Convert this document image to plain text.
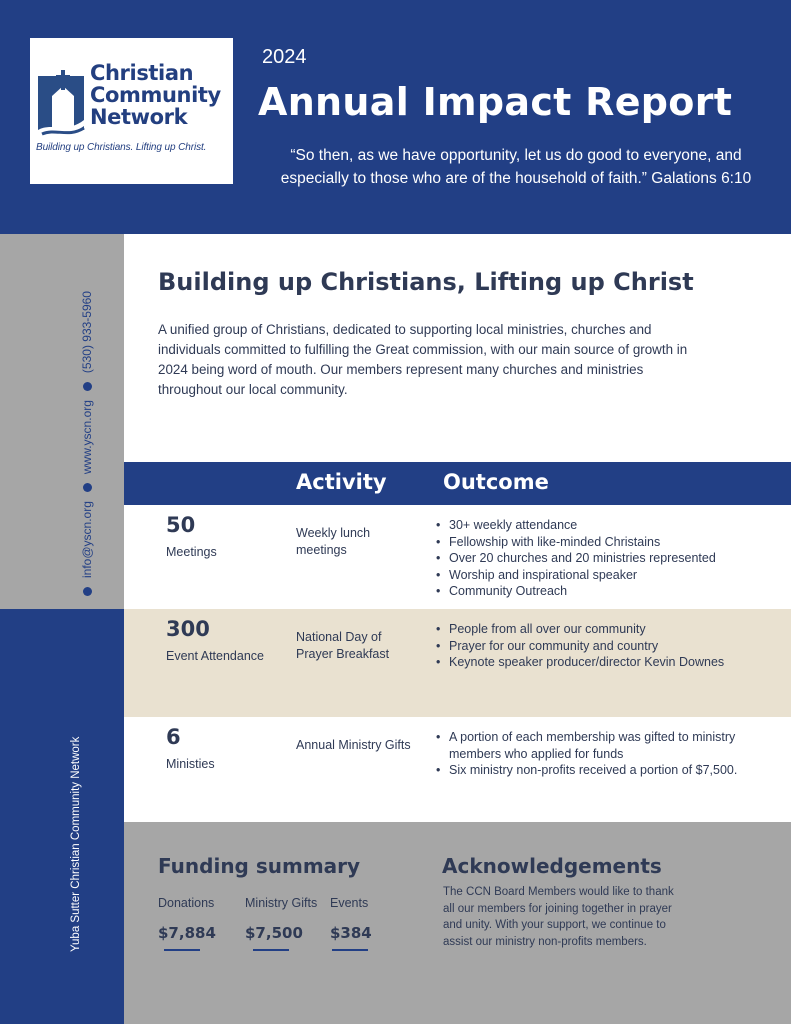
Christian
Community
Network
Building up Christians. Lifting up Christ.
2024
Annual Impact Report
“So then, as we have opportunity, let us do good to everyone, and especially to those who are of the household of faith.” Galations 6:10
info@yscn.org
www.yscn.org
(530) 933-5960
Yuba Sutter Christian Community Network
Building up Christians, Lifting up Christ

A unified group of Christians, dedicated to supporting local ministries, churches and individuals committed to fulfilling the Great commission, with our main source of growth in 2024 being word of mouth. Our members represent many churches and ministries throughout our local community.

Activity	Outcome
50
Meetings
Weekly lunch meetings
• 30+ weekly attendance
• Fellowship with like-minded Christains
• Over 20 churches and 20 ministries represented
• Worship and inspirational speaker
• Community Outreach
300
Event Attendance
National Day of Prayer Breakfast
• People from all over our community
• Prayer for our community and country
• Keynote speaker producer/director Kevin Downes
6
Ministies
Annual Ministry Gifts
• A portion of each membership was gifted to ministry members who applied for funds
• Six ministry non-profits received a portion of $7,500.
Funding summary
Donations
$7,884
Ministry Gifts
$7,500
Events
$384
Acknowledgements

The CCN Board Members would like to thank all our members for joining together in prayer and unity. With your support, we continue to assist our ministry non-profits members.
